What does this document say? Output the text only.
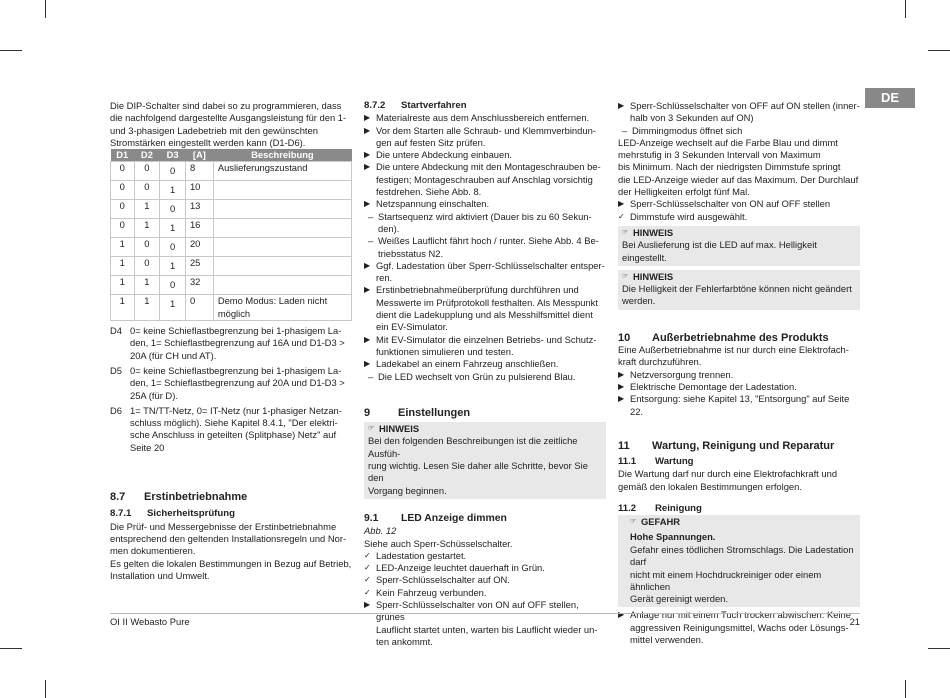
DE

Die DIP-Schalter sind dabei so zu programmieren, dass

die nachfolgend dargestellte Ausgangsleistung für den 1-

und 3-phasigen Ladebetrieb mit den gewünschten

Stromstärken eingestellt werden kann (D1-D6).

D1	D2	D3	[A]	Beschreibung
0	0	0	8	Auslieferungszustand
0	0	1	10	
0	1	0	13	
0	1	1	16	
1	0	0	20	
1	0	1	25	
1	1	0	32	
1	1	1	0	Demo Modus: Laden nicht möglich
D4 0= keine Schieflastbegrenzung bei 1-phasigem La-

den, 1= Schieflastbegrenzung auf 16A und D1-D3 >

20A (für CH und AT).

D5 0= keine Schieflastbegrenzung bei 1-phasigem La-

den, 1= Schieflastbegrenzung auf 20A und D1-D3 >

25A (für D).

D6 1= TN/TT-Netz, 0= IT-Netz (nur 1-phasiger Netzan-

schluss möglich). Siehe Kapitel 8.4.1, "Der elektri-

sche Anschluss in geteilten (Splitphase) Netz" auf

Seite 20

8.7	Erstinbetriebnahme
8.7.1	Sicherheitsprüfung

Die Prüf- und Messergebnisse der Erstinbetriebnahme

entsprechend den geltenden Installationsregeln und Nor-

men dokumentieren.

Es gelten die lokalen Bestimmungen in Bezug auf Betrieb,

Installation und Umwelt.

8.7.2	Startverfahren
▶ Materialreste aus dem Anschlussbereich entfernen.

▶ Vor dem Starten alle Schraub- und Klemmverbindun-

gen auf festen Sitz prüfen.

▶ Die untere Abdeckung einbauen.

▶ Die untere Abdeckung mit den Montageschrauben be-

festigen; Montageschrauben auf Anschlag vorsichtig

festdrehen. Siehe Abb. 8.

▶ Netzspannung einschalten.

– Startsequenz wird aktiviert (Dauer bis zu 60 Sekun-

den).

– Weißes Lauflicht fährt hoch / runter. Siehe Abb. 4 Be-

triebsstatus N2.

▶ Ggf. Ladestation über Sperr-Schlüsselschalter entsper-

ren.

▶ Erstinbetriebnahmeüberprüfung durchführen und

Messwerte im Prüfprotokoll festhalten. Als Messpunkt

dient die Ladekupplung und als Messhilfsmittel dient

ein EV-Simulator.

▶ Mit EV-Simulator die einzelnen Betriebs- und Schutz-

funktionen simulieren und testen.

▶ Ladekabel an einem Fahrzeug anschließen.

– Die LED wechselt von Grün zu pulsierend Blau.

9	Einstellungen
☞ HINWEIS

Bei den folgenden Beschreibungen ist die zeitliche Ausfüh-

rung wichtig. Lesen Sie daher alle Schritte, bevor Sie den

Vorgang beginnen.

9.1	LED Anzeige dimmen

Abb. 12

Siehe auch Sperr-Schüsselschalter.

✓ Ladestation gestartet.
✓ LED-Anzeige leuchtet dauerhaft in Grün.
✓ Sperr-Schlüsselschalter auf ON.
✓ Kein Fahrzeug verbunden.
▶ Sperr-Schlüsselschalter von ON auf OFF stellen, grünes

Lauflicht startet unten, warten bis Lauflicht wieder un-

ten ankommt.

▶ Sperr-Schlüsselschalter von OFF auf ON stellen (inner-

halb von 3 Sekunden auf ON)

– Dimmingmodus öffnet sich

LED-Anzeige wechselt auf die Farbe Blau und dimmt

mehrstufig in 3 Sekunden Intervall von Maximum

bis Minimum. Nach der niedrigsten Dimmstufe springt

die LED-Anzeige wieder auf das Maximum. Der Durchlauf

der Helligkeiten erfolgt fünf Mal.

▶ Sperr-Schlüsselschalter von ON auf OFF stellen
✓ Dimmstufe wird ausgewählt.
☞ HINWEIS

Bei Auslieferung ist die LED auf max. Helligkeit eingestellt.

☞ HINWEIS

Die Helligkeit der Fehlerfarbtöne können nicht geändert

werden.

10	Außerbetriebnahme des Produkts

Eine Außerbetriebnahme ist nur durch eine Elektrofach-

kraft durchzuführen.

▶ Netzversorgung trennen.

▶ Elektrische Demontage der Ladestation.

▶ Entsorgung: siehe Kapitel 13, "Entsorgung" auf Seite

22.

11	Wartung, Reinigung und Reparatur
11.1	Wartung

Die Wartung darf nur durch eine Elektrofachkraft und

gemäß den lokalen Bestimmungen erfolgen.

11.2	Reinigung
☞ GEFAHR

Hohe Spannungen.

Gefahr eines tödlichen Stromschlags. Die Ladestation darf

nicht mit einem Hochdruckreiniger oder einem ähnlichen

Gerät gereinigt werden.

▶ Anlage nur mit einem Tuch trocken abwischen. Keine

aggressiven Reinigungsmittel, Wachs oder Lösungs-

mittel verwenden.

OI II Webasto Pure	21
